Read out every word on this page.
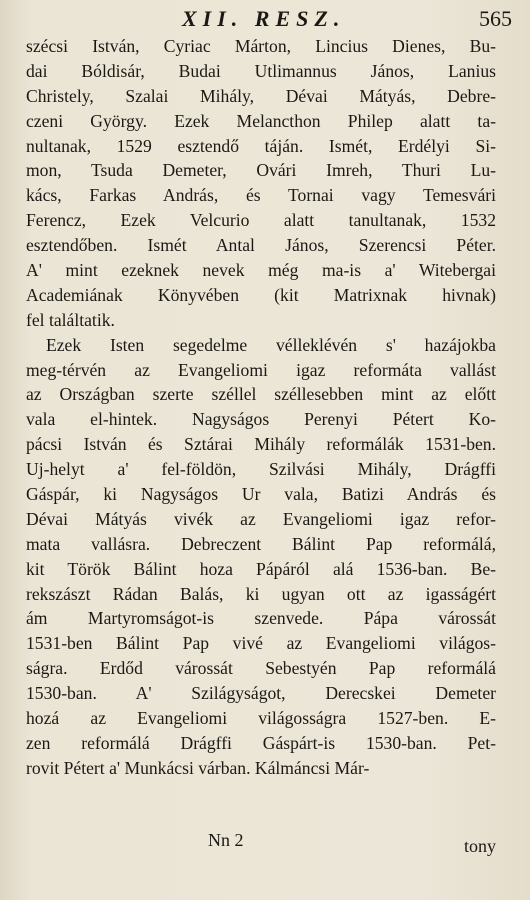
XII. RESZ.	565
szécsi István, Cyriac Márton, Lincius Dienes, Bu-
dai Bóldisár, Budai Utlimannus János, Lanius
Christely, Szalai Mihály, Dévai Mátyás, Debre-
czeni György. Ezek Melancthon Philep alatt ta-
nultanak, 1529 esztendő táján. Ismét, Erdélyi Si-
mon, Tsuda Demeter, Ovári Imreh, Thuri Lu-
kács, Farkas András, és Tornai vagy Temesvári
Ferencz, Ezek Velcurio alatt tanultanak, 1532
esztendőben. Ismét Antal János, Szerencsi Péter.
A' mint ezeknek nevek még ma-is a' Witebergai
Academiának Könyvében (kit Matrixnak hivnak)
fel találtatik.
Ezek Isten segedelme vélleklévén s' hazájokba
meg-térvén az Evangeliomi igaz reformáta vallást
az Országban szerte széllel széllesebben mint az előtt
vala el-hintek. Nagyságos Perenyi Pétert Ko-
pácsi István és Sztárai Mihály reformálák 1531-ben.
Uj-helyt a' fel-földön, Szilvási Mihály, Drágffi
Gáspár, ki Nagyságos Ur vala, Batizi András és
Dévai Mátyás vivék az Evangeliomi igaz refor-
mata vallásra. Debreczent Bálint Pap reformálá,
kit Török Bálint hoza Pápáról alá 1536-ban. Be-
rekszászt Rádan Balás, ki ugyan ott az igasságért
ám Martyromságot-is szenvede. Pápa várossát
1531-ben Bálint Pap vivé az Evangeliomi világos-
ságra. Erdőd várossát Sebestyén Pap reformálá
1530-ban. A' Szilágyságot, Derecskei Demeter
hozá az Evangeliomi világosságra 1527-ben. E-
zen reformálá Drágffi Gáspárt-is 1530-ban. Pet-
rovit Pétert a' Munkácsi várban. Kálmáncsi Már-
Nn 2	tony
